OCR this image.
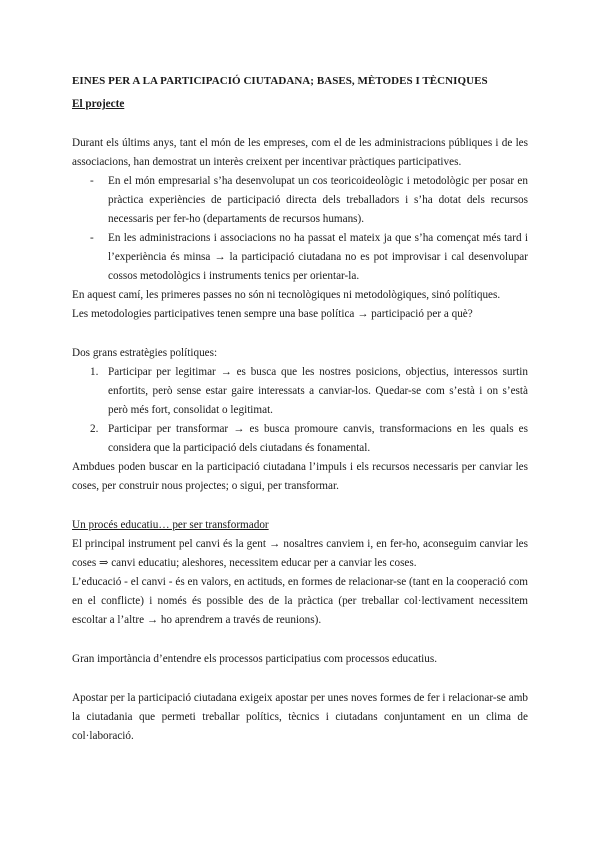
EINES PER A LA PARTICIPACIÓ CIUTADANA; BASES, MÈTODES I TÈCNIQUES

El projecte

Durant els últims anys, tant el món de les empreses, com el de les administracions públiques i de les associacions, han demostrat un interès creixent per incentivar pràctiques participatives.

- En el món empresarial s’ha desenvolupat un cos teoricoideològic i metodològic per posar en pràctica experiències de participació directa dels treballadors i s’ha dotat dels recursos necessaris per fer-ho (departaments de recursos humans).
- En les administracions i associacions no ha passat el mateix ja que s’ha començat més tard i l’experiència és minsa → la participació ciutadana no es pot improvisar i cal desenvolupar cossos metodològics i instruments tenics per orientar-la.

En aquest camí, les primeres passes no són ni tecnològiques ni metodològiques, sinó polítiques.

Les metodologies participatives tenen sempre una base política → participació per a què?

Dos grans estratègies polítiques:

1. Participar per legitimar → es busca que les nostres posicions, objectius, interessos surtin enfortits, però sense estar gaire interessats a canviar-los. Quedar-se com s’està i on s’està però més fort, consolidat o legitimat.
2. Participar per transformar → es busca promoure canvis, transformacions en les quals es considera que la participació dels ciutadans és fonamental.

Ambdues poden buscar en la participació ciutadana l’impuls i els recursos necessaris per canviar les coses, per construir nous projectes; o sigui, per transformar.

Un procés educatiu… per ser transformador

El principal instrument pel canvi és la gent → nosaltres canviem i, en fer-ho, aconseguim canviar les coses ⇒ canvi educatiu; aleshores, necessitem educar per a canviar les coses.

L’educació - el canvi - és en valors, en actituds, en formes de relacionar-se (tant en la cooperació com en el conflicte) i només és possible des de la pràctica (per treballar col·lectivament necessitem escoltar a l’altre → ho aprendrem a través de reunions).

Gran importància d’entendre els processos participatius com processos educatius.

Apostar per la participació ciutadana exigeix apostar per unes noves formes de fer i relacionar-se amb la ciutadania que permeti treballar polítics, tècnics i ciutadans conjuntament en un clima de col·laboració.
